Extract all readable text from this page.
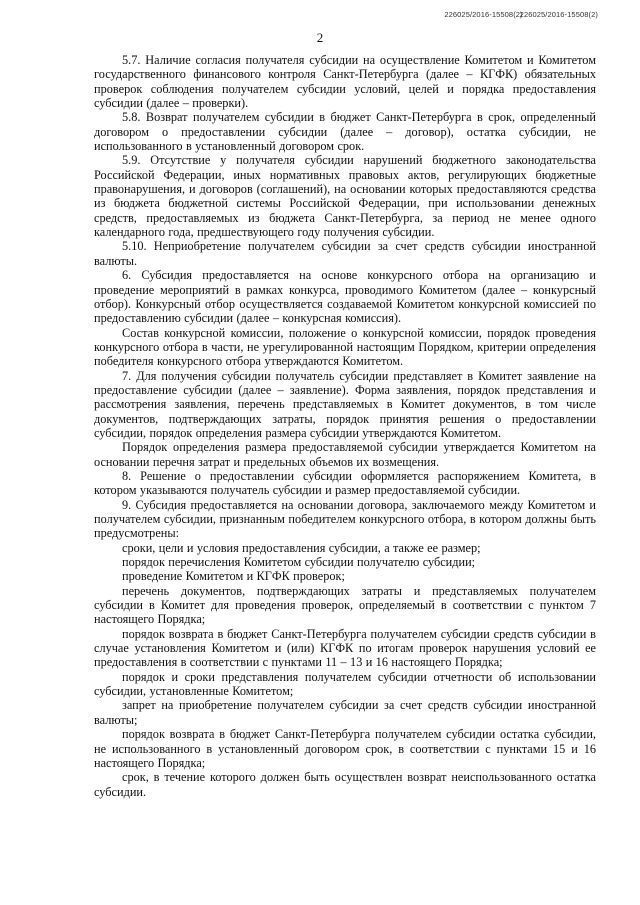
226025/2016-15508(2)226025/2016-15508(2)
2

5.7. Наличие согласия получателя субсидии на осуществление Комитетом и Комитетом государственного финансового контроля Санкт-Петербурга (далее – КГФК) обязательных проверок соблюдения получателем субсидии условий, целей и порядка предоставления субсидии (далее – проверки).

5.8. Возврат получателем субсидии в бюджет Санкт-Петербурга в срок, определенный договором о предоставлении субсидии (далее – договор), остатка субсидии, не использованного в установленный договором срок.

5.9. Отсутствие у получателя субсидии нарушений бюджетного законодательства Российской Федерации, иных нормативных правовых актов, регулирующих бюджетные правонарушения, и договоров (соглашений), на основании которых предоставляются средства из бюджета бюджетной системы Российской Федерации, при использовании денежных средств, предоставляемых из бюджета Санкт-Петербурга, за период не менее одного календарного года, предшествующего году получения субсидии.

5.10. Неприобретение получателем субсидии за счет средств субсидии иностранной валюты.

6. Субсидия предоставляется на основе конкурсного отбора на организацию и проведение мероприятий в рамках конкурса, проводимого Комитетом (далее – конкурсный отбор). Конкурсный отбор осуществляется создаваемой Комитетом конкурсной комиссией по предоставлению субсидии (далее – конкурсная комиссия).

Состав конкурсной комиссии, положение о конкурсной комиссии, порядок проведения конкурсного отбора в части, не урегулированной настоящим Порядком, критерии определения победителя конкурсного отбора утверждаются Комитетом.

7. Для получения субсидии получатель субсидии представляет в Комитет заявление на предоставление субсидии (далее – заявление). Форма заявления, порядок представления и рассмотрения заявления, перечень представляемых в Комитет документов, в том числе документов, подтверждающих затраты, порядок принятия решения о предоставлении субсидии, порядок определения размера субсидии утверждаются Комитетом.

Порядок определения размера предоставляемой субсидии утверждается Комитетом на основании перечня затрат и предельных объемов их возмещения.

8. Решение о предоставлении субсидии оформляется распоряжением Комитета, в котором указываются получатель субсидии и размер предоставляемой субсидии.

9. Субсидия предоставляется на основании договора, заключаемого между Комитетом и получателем субсидии, признанным победителем конкурсного отбора, в котором должны быть предусмотрены:

сроки, цели и условия предоставления субсидии, а также ее размер;

порядок перечисления Комитетом субсидии получателю субсидии;

проведение Комитетом и КГФК проверок;

перечень документов, подтверждающих затраты и представляемых получателем субсидии в Комитет для проведения проверок, определяемый в соответствии с пунктом 7 настоящего Порядка;

порядок возврата в бюджет Санкт-Петербурга получателем субсидии средств субсидии в случае установления Комитетом и (или) КГФК по итогам проверок нарушения условий ее предоставления в соответствии с пунктами 11 – 13 и 16 настоящего Порядка;

порядок и сроки представления получателем субсидии отчетности об использовании субсидии, установленные Комитетом;

запрет на приобретение получателем субсидии за счет средств субсидии иностранной валюты;

порядок возврата в бюджет Санкт-Петербурга получателем субсидии остатка субсидии, не использованного в установленный договором срок, в соответствии с пунктами 15 и 16 настоящего Порядка;

срок, в течение которого должен быть осуществлен возврат неиспользованного остатка субсидии.
